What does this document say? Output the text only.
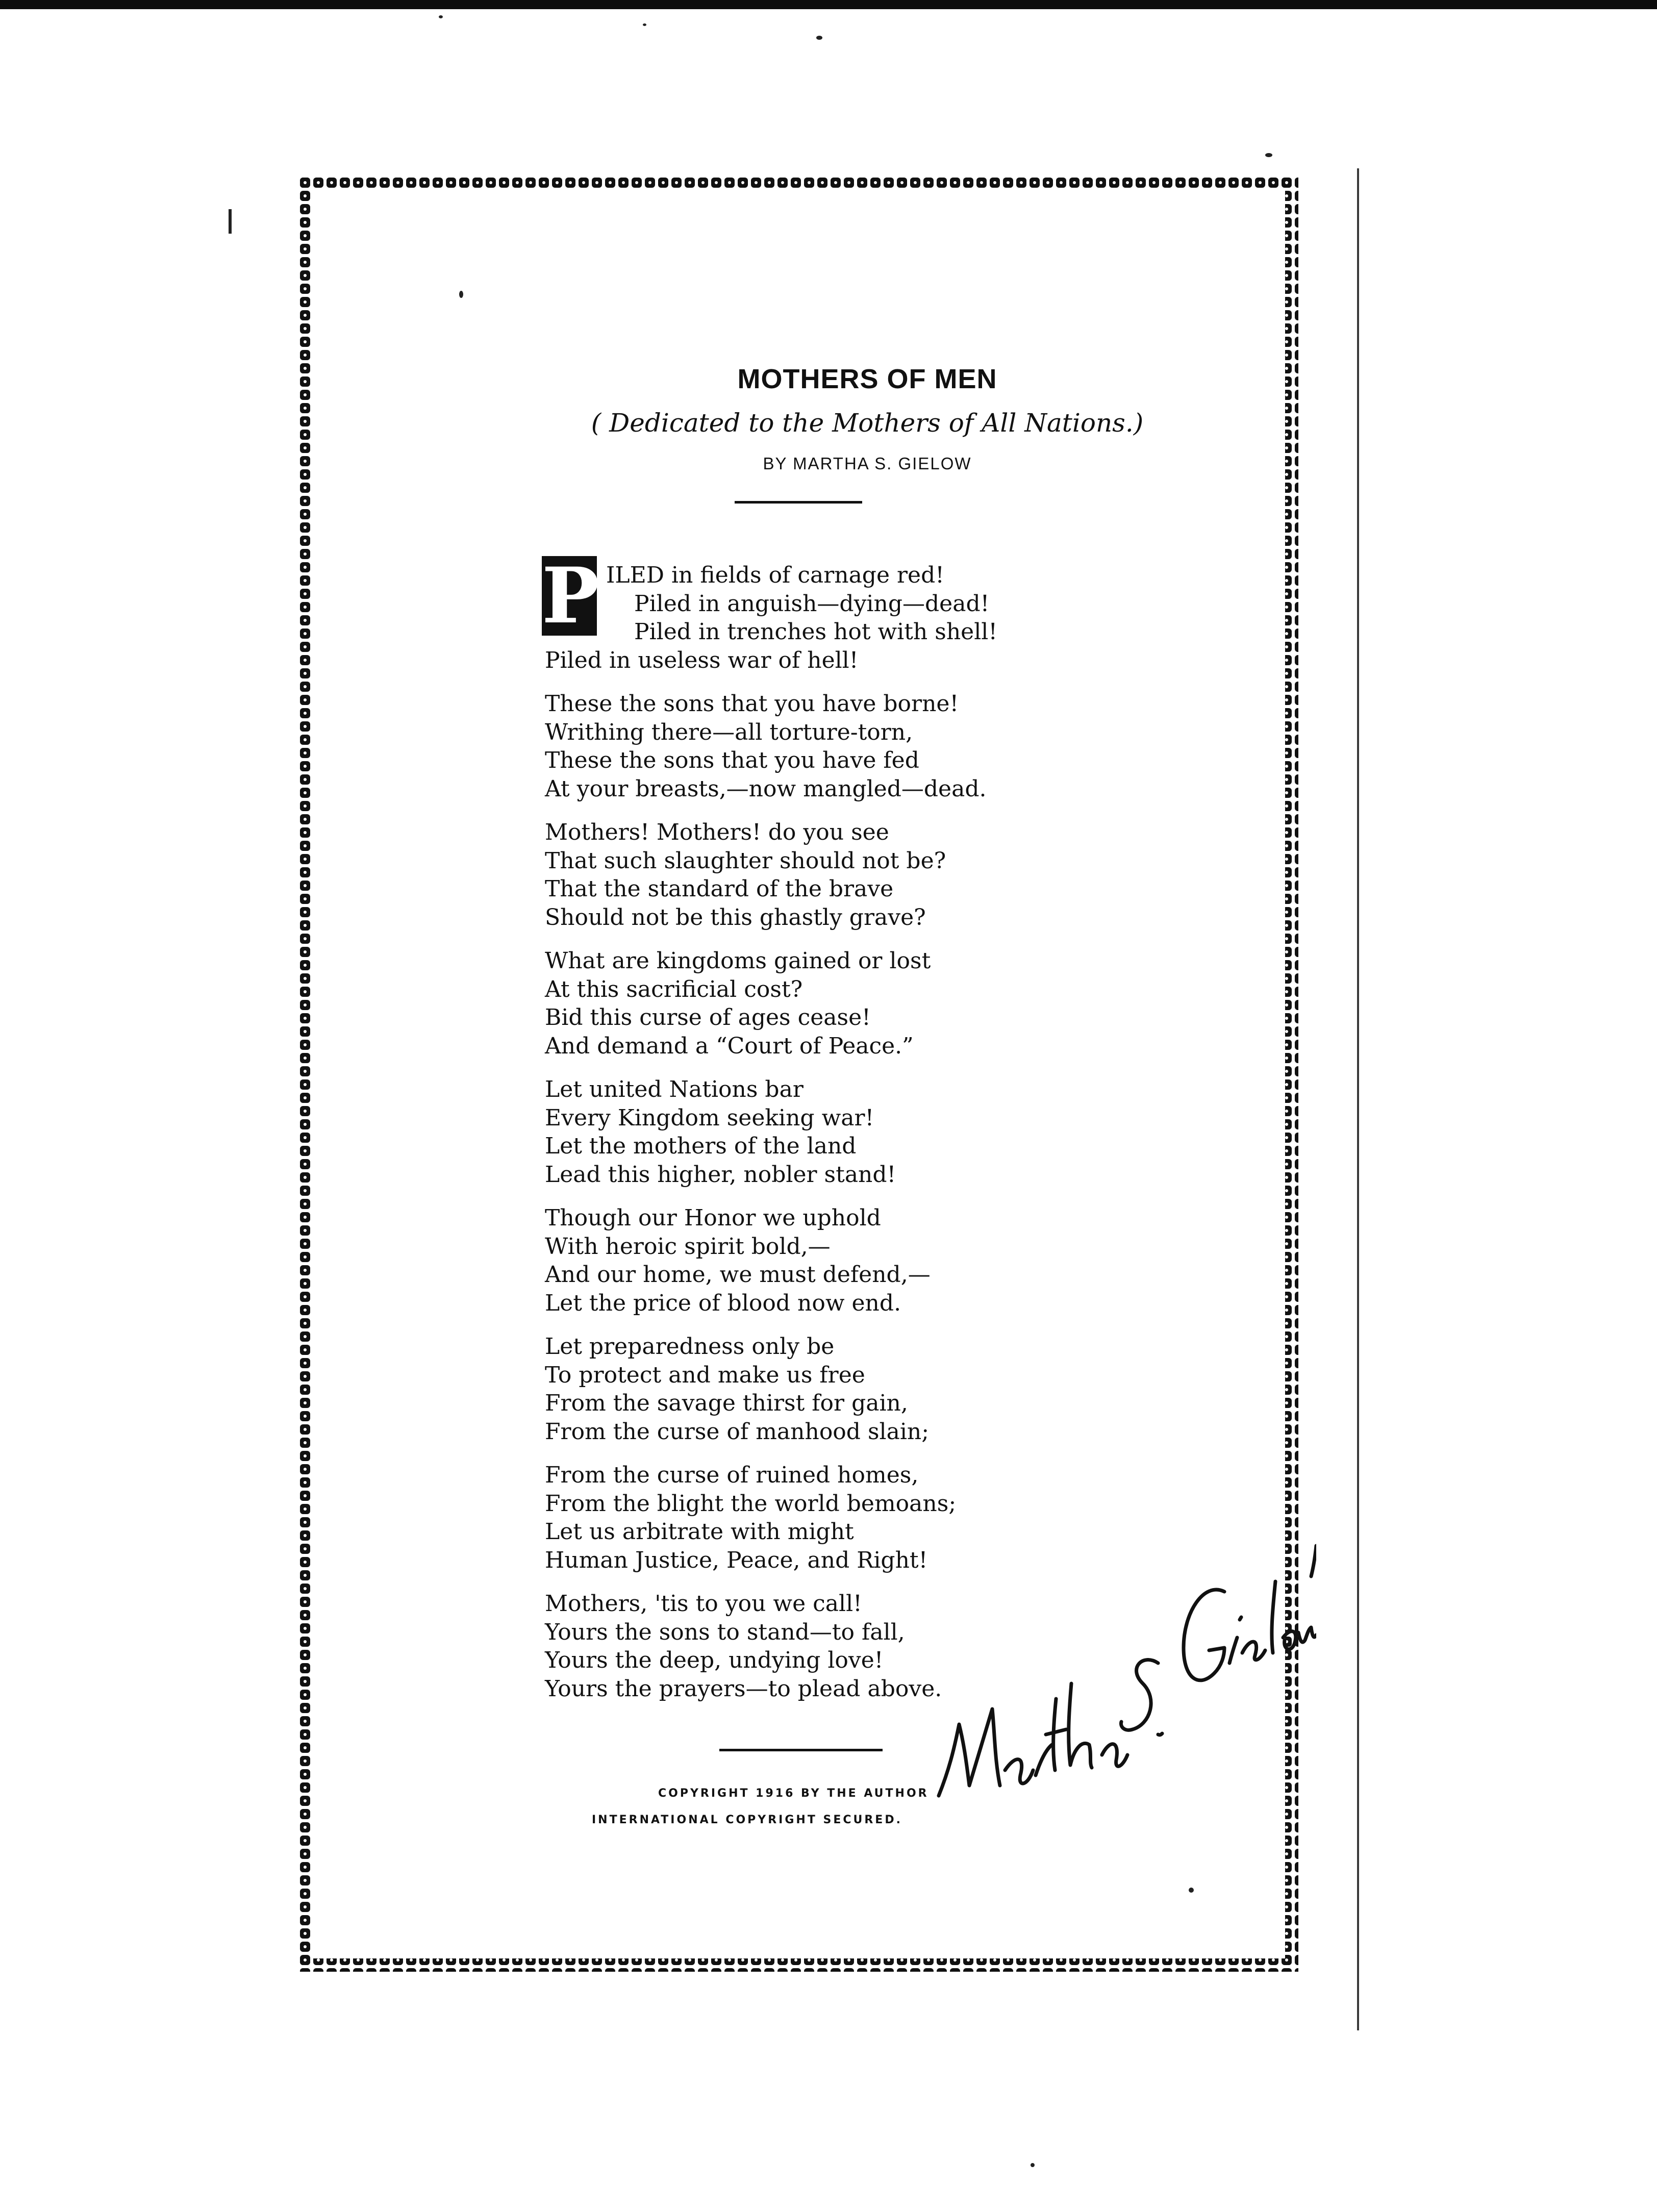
MOTHERS OF MEN
( Dedicated to the Mothers of All Nations.)
BY MARTHA S. GIELOW
P ILED in fields of carnage red!
Piled in anguish—dying—dead!
Piled in trenches hot with shell!
Piled in useless war of hell!
These the sons that you have borne!
Writhing there—all torture-torn,
These the sons that you have fed
At your breasts,—now mangled—dead.
Mothers! Mothers! do you see
That such slaughter should not be?
That the standard of the brave
Should not be this ghastly grave?
What are kingdoms gained or lost
At this sacrificial cost?
Bid this curse of ages cease!
And demand a “Court of Peace.”
Let united Nations bar
Every Kingdom seeking war!
Let the mothers of the land
Lead this higher, nobler stand!
Though our Honor we uphold
With heroic spirit bold,—
And our home, we must defend,—
Let the price of blood now end.
Let preparedness only be
To protect and make us free
From the savage thirst for gain,
From the curse of manhood slain;
From the curse of ruined homes,
From the blight the world bemoans;
Let us arbitrate with might
Human Justice, Peace, and Right!
Mothers, 'tis to you we call!
Yours the sons to stand—to fall,
Yours the deep, undying love!
Yours the prayers—to plead above.
COPYRIGHT 1916 BY THE AUTHOR
INTERNATIONAL COPYRIGHT SECURED.
